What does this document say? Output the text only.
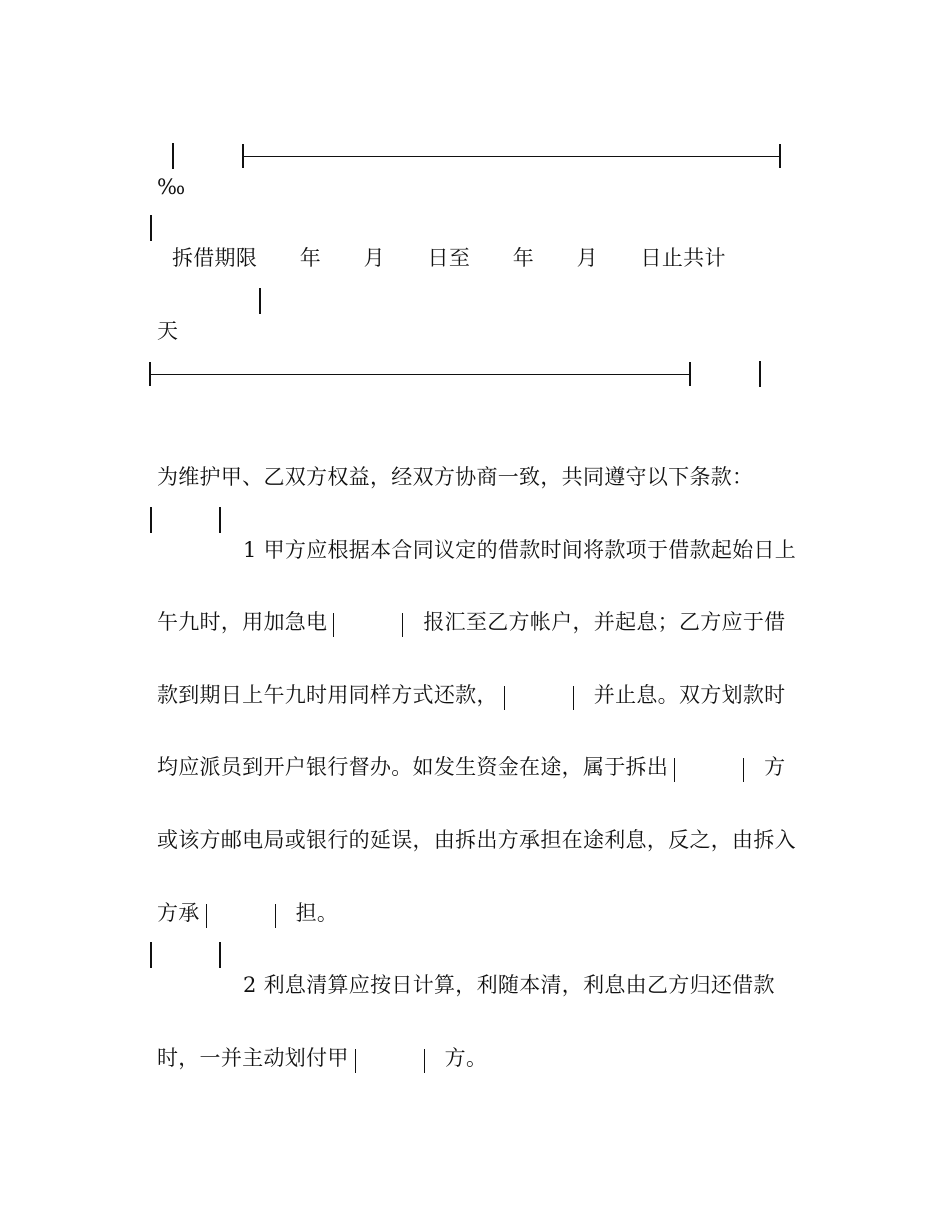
‰

拆借期限　　年　　月　　日至　　年　　月　　日止共计

天

为维护甲、乙双方权益，经双方协商一致，共同遵守以下条款：

1 甲方应根据本合同议定的借款时间将款项于借款起始日上

午九时，用加急电	报汇至乙方帐户，并起息；乙方应于借

款到期日上午九时用同样方式还款，	并止息。双方划款时

均应派员到开户银行督办。如发生资金在途，属于拆出	方

或该方邮电局或银行的延误，由拆出方承担在途利息，反之，由拆入

方承	担。

2 利息清算应按日计算，利随本清，利息由乙方归还借款

时，一并主动划付甲	方。
